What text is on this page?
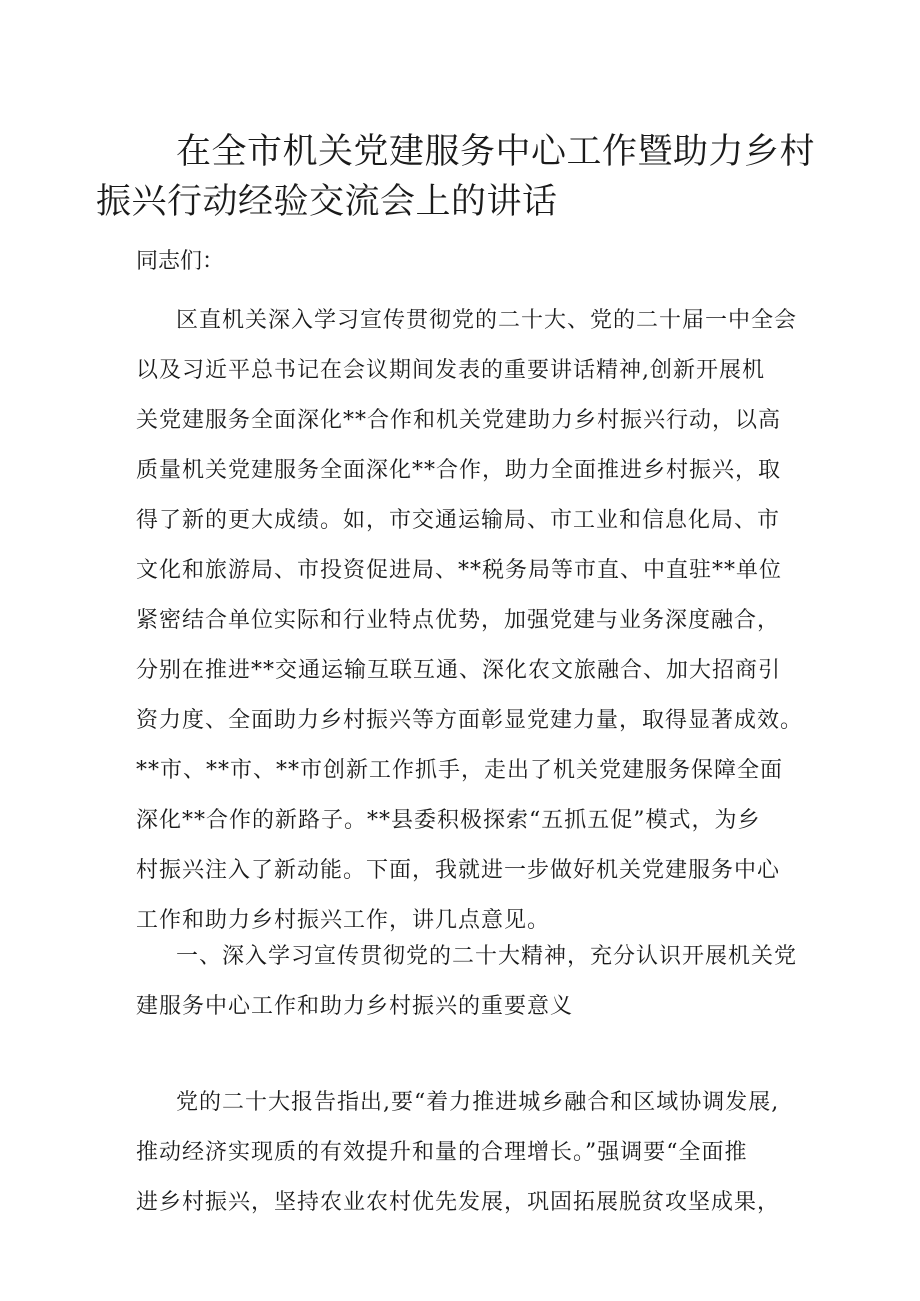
在全市机关党建服务中心工作暨助力乡村
振兴行动经验交流会上的讲话

同志们：

区直机关深入学习宣传贯彻党的二十大、党的二十届一中全会
以及习近平总书记在会议期间发表的重要讲话精神,创新开展机
关党建服务全面深化**合作和机关党建助力乡村振兴行动，以高
质量机关党建服务全面深化**合作，助力全面推进乡村振兴，取
得了新的更大成绩。如，市交通运输局、市工业和信息化局、市
文化和旅游局、市投资促进局、**税务局等市直、中直驻**单位
紧密结合单位实际和行业特点优势，加强党建与业务深度融合，
分别在推进**交通运输互联互通、深化农文旅融合、加大招商引
资力度、全面助力乡村振兴等方面彰显党建力量，取得显著成效。
**市、**市、**市创新工作抓手，走出了机关党建服务保障全面
深化**合作的新路子。**县委积极探索“五抓五促”模式，为乡
村振兴注入了新动能。下面，我就进一步做好机关党建服务中心
工作和助力乡村振兴工作，讲几点意见。
一、深入学习宣传贯彻党的二十大精神，充分认识开展机关党
建服务中心工作和助力乡村振兴的重要意义
党的二十大报告指出,要“着力推进城乡融合和区域协调发展,
推动经济实现质的有效提升和量的合理增长。”强调要“全面推
进乡村振兴，坚持农业农村优先发展，巩固拓展脱贫攻坚成果，
